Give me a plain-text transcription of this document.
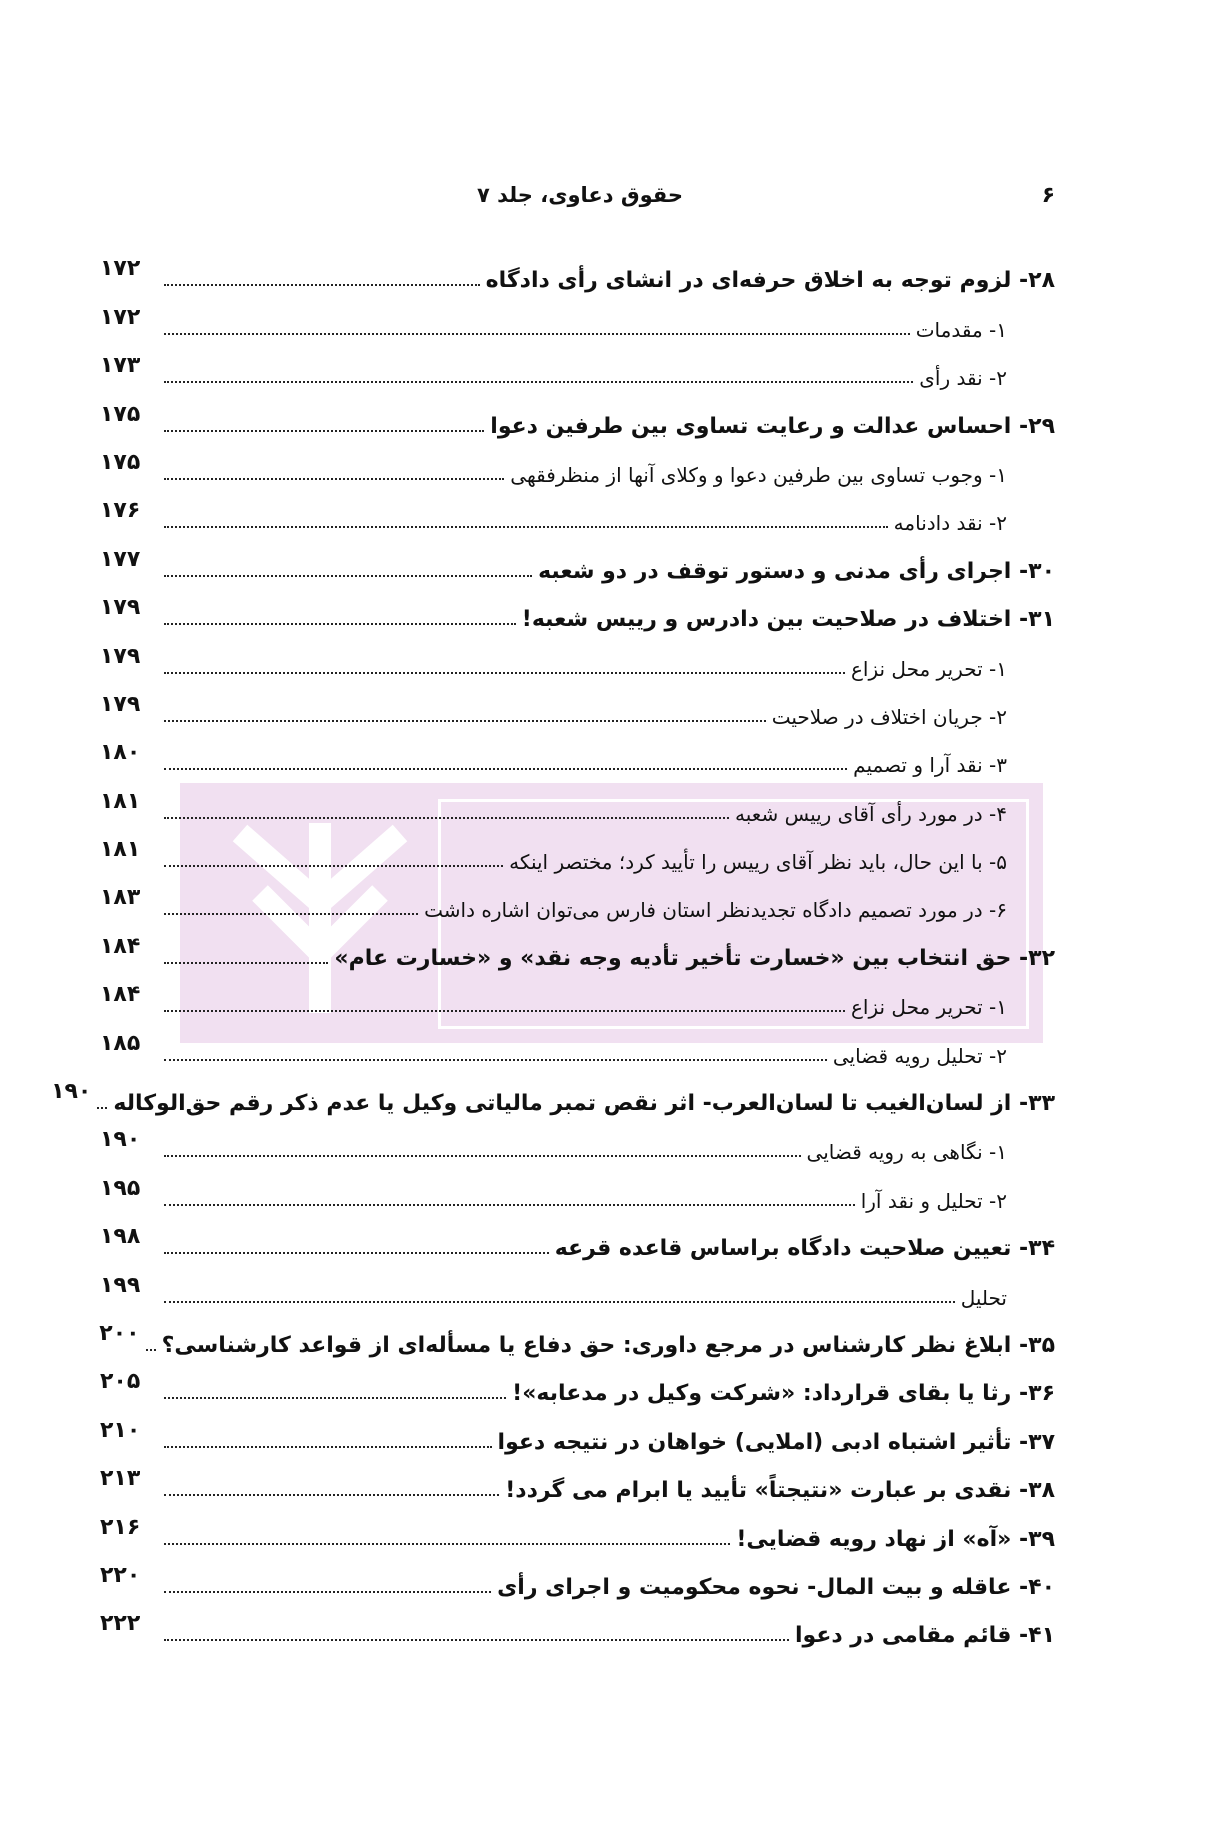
۶
حقوق دعاوی، جلد ۷
۲۸- لزوم توجه به اخلاق حرفه‌ای در انشای رأی دادگاه
۱۷۲
۱- مقدمات
۱۷۲
۲- نقد رأی
۱۷۳
۲۹- احساس عدالت و رعایت تساوی بین طرفین دعوا
۱۷۵
۱- وجوب تساوی بین طرفین دعوا و وکلای آنها از منظرفقهی
۱۷۵
۲- نقد دادنامه
۱۷۶
۳۰- اجرای رأی مدنی و دستور توقف در دو شعبه
۱۷۷
۳۱- اختلاف در صلاحیت بین دادرس و رییس شعبه!
۱۷۹
۱- تحریر محل نزاع
۱۷۹
۲- جریان اختلاف در صلاحیت
۱۷۹
۳- نقد آرا و تصمیم
۱۸۰
۴- در مورد رأی آقای رییس شعبه
۱۸۱
۵- با این حال، باید نظر آقای رییس را تأیید کرد؛ مختصر اینکه
۱۸۱
۶- در مورد تصمیم دادگاه تجدیدنظر استان فارس می‌توان اشاره داشت
۱۸۳
۳۲- حق انتخاب بین «خسارت تأخیر تأدیه وجه نقد» و «خسارت عام»
۱۸۴
۱- تحریر محل نزاع
۱۸۴
۲- تحلیل رویه قضایی
۱۸۵
۳۳- از لسان‌الغیب تا لسان‌العرب- اثر نقص تمبر مالیاتی وکیل یا عدم ذکر رقم حق‌الوکاله
۱۹۰
۱- نگاهی به رویه قضایی
۱۹۰
۲- تحلیل و نقد آرا
۱۹۵
۳۴- تعیین صلاحیت دادگاه براساس قاعده قرعه
۱۹۸
تحلیل
۱۹۹
۳۵- ابلاغ نظر کارشناس در مرجع داوری: حق دفاع یا مسأله‌ای از قواعد کارشناسی؟
۲۰۰
۳۶- رثا یا بقای قرارداد: «شرکت وکیل در مدعابه»!
۲۰۵
۳۷- تأثیر اشتباه ادبی (املایی) خواهان در نتیجه دعوا
۲۱۰
۳۸- نقدی بر عبارت «نتیجتاً» تأیید یا ابرام می گردد!
۲۱۳
۳۹- «آه» از نهاد رویه قضایی!
۲۱۶
۴۰- عاقله و بیت المال- نحوه محکومیت و اجرای رأی
۲۲۰
۴۱- قائم مقامی در دعوا
۲۲۲
